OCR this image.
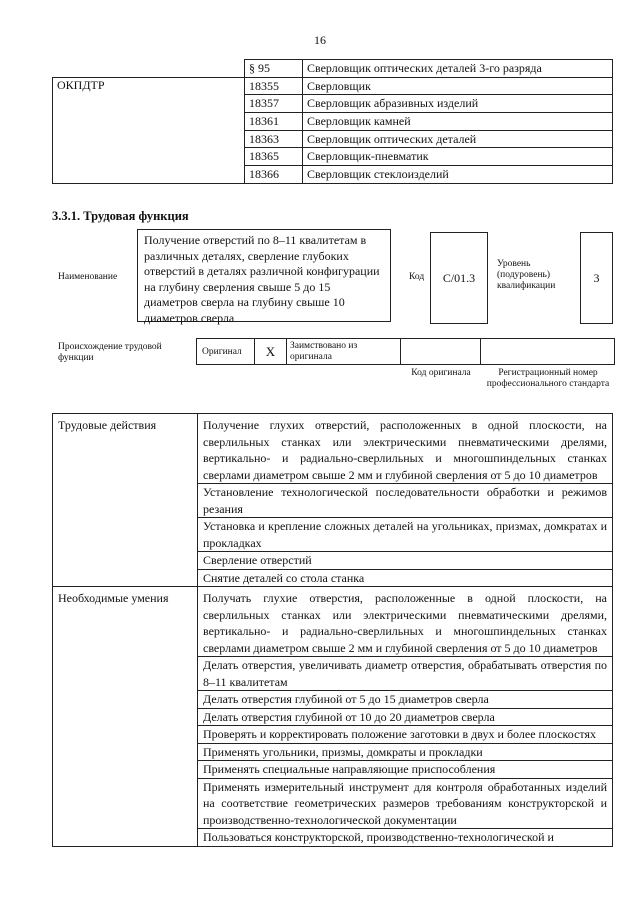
16
	§ 95	Сверловщик оптических деталей 3-го разряда
ОКПДТР	18355	Сверловщик
	18357	Сверловщик абразивных изделий
	18361	Сверловщик камней
	18363	Сверловщик оптических деталей
	18365	Сверловщик-пневматик
	18366	Сверловщик стеклоизделий
3.3.1. Трудовая функция
Наименование
Получение отверстий по 8–11 квалитетам в различных деталях, сверление глубоких отверстий в деталях различной конфигурации на глубину сверления свыше 5 до 15 диаметров сверла на глубину свыше 10 диаметров сверла
Код	С/01.3
Уровень (подуровень) квалификации
3
Происхождение трудовой функции
Оригинал	X	Заимствовано из оригинала
Код оригинала	Регистрационный номер профессионального стандарта
Трудовые действия	Получение глухих отверстий, расположенных в одной плоскости, на сверлильных станках или электрическими пневматическими дрелями, вертикально- и радиально-сверлильных и многошпиндельных станках сверлами диаметром свыше 2 мм и глубиной сверления от 5 до 10 диаметров
	Установление технологической последовательности обработки и режимов резания
	Установка и крепление сложных деталей на угольниках, призмах, домкратах и прокладках
	Сверление отверстий
	Снятие деталей со стола станка
Необходимые умения	Получать глухие отверстия, расположенные в одной плоскости, на сверлильных станках или электрическими пневматическими дрелями, вертикально- и радиально-сверлильных и многошпиндельных станках сверлами диаметром свыше 2 мм и глубиной сверления от 5 до 10 диаметров
	Делать отверстия, увеличивать диаметр отверстия, обрабатывать отверстия по 8–11 квалитетам
	Делать отверстия глубиной от 5 до 15 диаметров сверла
	Делать отверстия глубиной от 10 до 20 диаметров сверла
	Проверять и корректировать положение заготовки в двух и более плоскостях
	Применять угольники, призмы, домкраты и прокладки
	Применять специальные направляющие приспособления
	Применять измерительный инструмент для контроля обработанных изделий на соответствие геометрических размеров требованиям конструкторской и производственно-технологической документации
	Пользоваться конструкторской, производственно-технологической и
